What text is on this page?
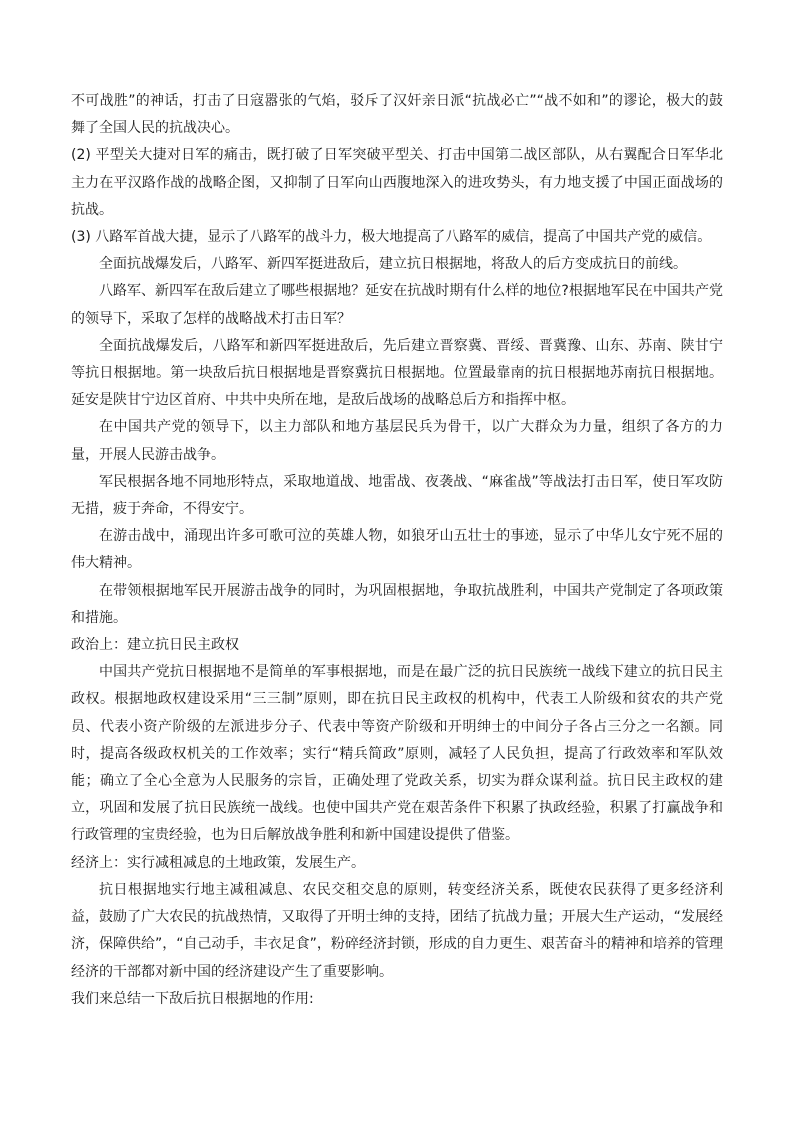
不可战胜”的神话，打击了日寇嚣张的气焰，驳斥了汉奸亲日派“抗战必亡”“战不如和”的谬论，极大的鼓舞了全国人民的抗战决心。

(2) 平型关大捷对日军的痛击，既打破了日军突破平型关、打击中国第二战区部队，从右翼配合日军华北主力在平汉路作战的战略企图，又抑制了日军向山西腹地深入的进攻势头，有力地支援了中国正面战场的抗战。

(3) 八路军首战大捷，显示了八路军的战斗力，极大地提高了八路军的威信，提高了中国共产党的威信。

全面抗战爆发后，八路军、新四军挺进敌后，建立抗日根据地，将敌人的后方变成抗日的前线。

八路军、新四军在敌后建立了哪些根据地？延安在抗战时期有什么样的地位?根据地军民在中国共产党的领导下，采取了怎样的战略战术打击日军？

全面抗战爆发后，八路军和新四军挺进敌后，先后建立晋察冀、晋绥、晋冀豫、山东、苏南、陕甘宁等抗日根据地。第一块敌后抗日根据地是晋察冀抗日根据地。位置最靠南的抗日根据地苏南抗日根据地。延安是陕甘宁边区首府、中共中央所在地，是敌后战场的战略总后方和指挥中枢。

在中国共产党的领导下，以主力部队和地方基层民兵为骨干，以广大群众为力量，组织了各方的力量，开展人民游击战争。

军民根据各地不同地形特点，采取地道战、地雷战、夜袭战、“麻雀战”等战法打击日军，使日军攻防无措，疲于奔命，不得安宁。

在游击战中，涌现出许多可歌可泣的英雄人物，如狼牙山五壮士的事迹，显示了中华儿女宁死不屈的伟大精神。

在带领根据地军民开展游击战争的同时，为巩固根据地，争取抗战胜利，中国共产党制定了各项政策和措施。

政治上：建立抗日民主政权

中国共产党抗日根据地不是简单的军事根据地，而是在最广泛的抗日民族统一战线下建立的抗日民主政权。根据地政权建设采用“三三制”原则，即在抗日民主政权的机构中，代表工人阶级和贫农的共产党员、代表小资产阶级的左派进步分子、代表中等资产阶级和开明绅士的中间分子各占三分之一名额。同时，提高各级政权机关的工作效率；实行“精兵简政”原则，减轻了人民负担，提高了行政效率和军队效能；确立了全心全意为人民服务的宗旨，正确处理了党政关系，切实为群众谋利益。抗日民主政权的建立，巩固和发展了抗日民族统一战线。也使中国共产党在艰苦条件下积累了执政经验，积累了打赢战争和行政管理的宝贵经验，也为日后解放战争胜利和新中国建设提供了借鉴。

经济上：实行减租减息的土地政策，发展生产。

抗日根据地实行地主减租减息、农民交租交息的原则，转变经济关系，既使农民获得了更多经济利益，鼓励了广大农民的抗战热情，又取得了开明士绅的支持，团结了抗战力量；开展大生产运动，“发展经济，保障供给”，“自己动手，丰衣足食”，粉碎经济封锁，形成的自力更生、艰苦奋斗的精神和培养的管理经济的干部都对新中国的经济建设产生了重要影响。

我们来总结一下敌后抗日根据地的作用:
